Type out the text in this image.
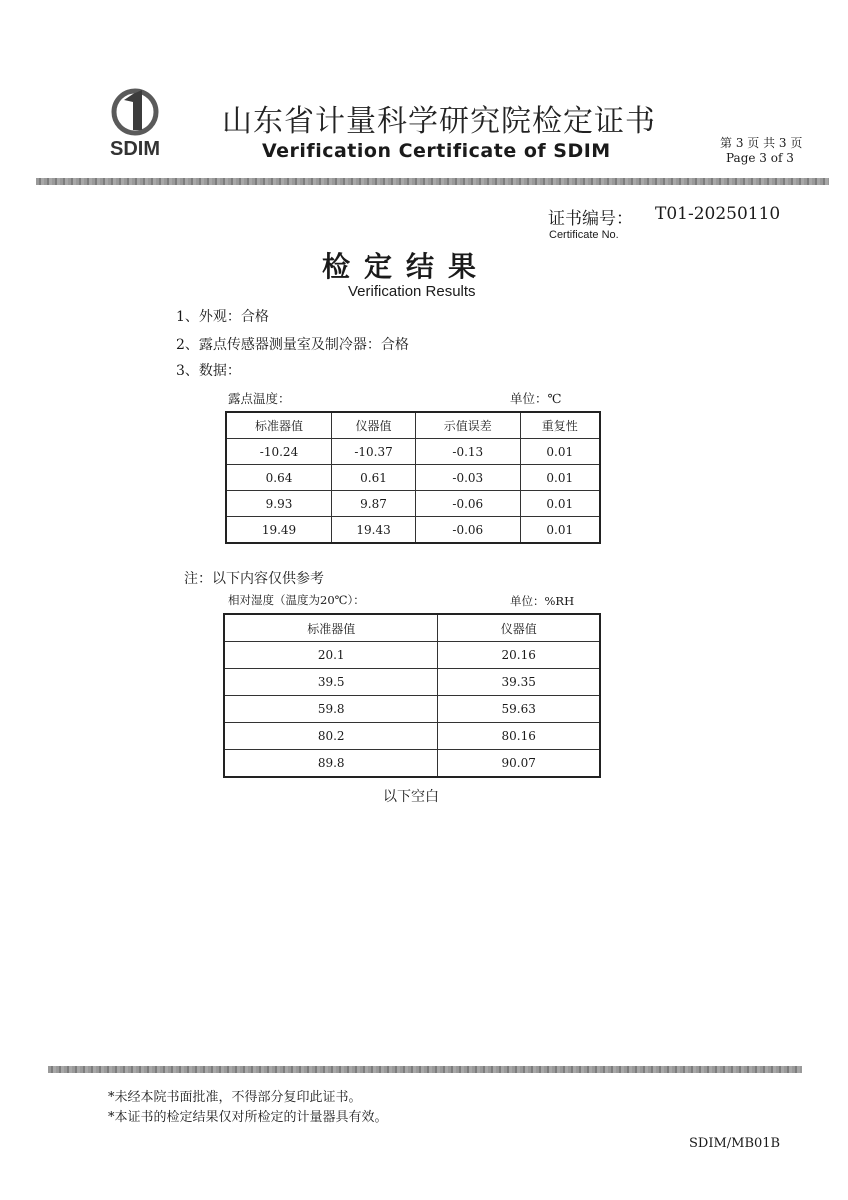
SDIM
山东省计量科学研究院检定证书
Verification Certificate of SDIM	第 3 页 共 3 页
Page 3 of 3
证书编号： T01-20250110
Certificate No.
检定结果
Verification Results
1、外观：合格
2、露点传感器测量室及制冷器：合格
3、数据：
露点温度：	单位：℃
标准器值	仪器值	示值误差	重复性
-10.24	-10.37	-0.13	0.01
0.64	0.61	-0.03	0.01
9.93	9.87	-0.06	0.01
19.49	19.43	-0.06	0.01
注：以下内容仅供参考
相对湿度（温度为20℃）：	单位：%RH
标准器值	仪器值
20.1	20.16
39.5	39.35
59.8	59.63
80.2	80.16
89.8	90.07
以下空白
*未经本院书面批准，不得部分复印此证书。
*本证书的检定结果仅对所检定的计量器具有效。
SDIM/MB01B
